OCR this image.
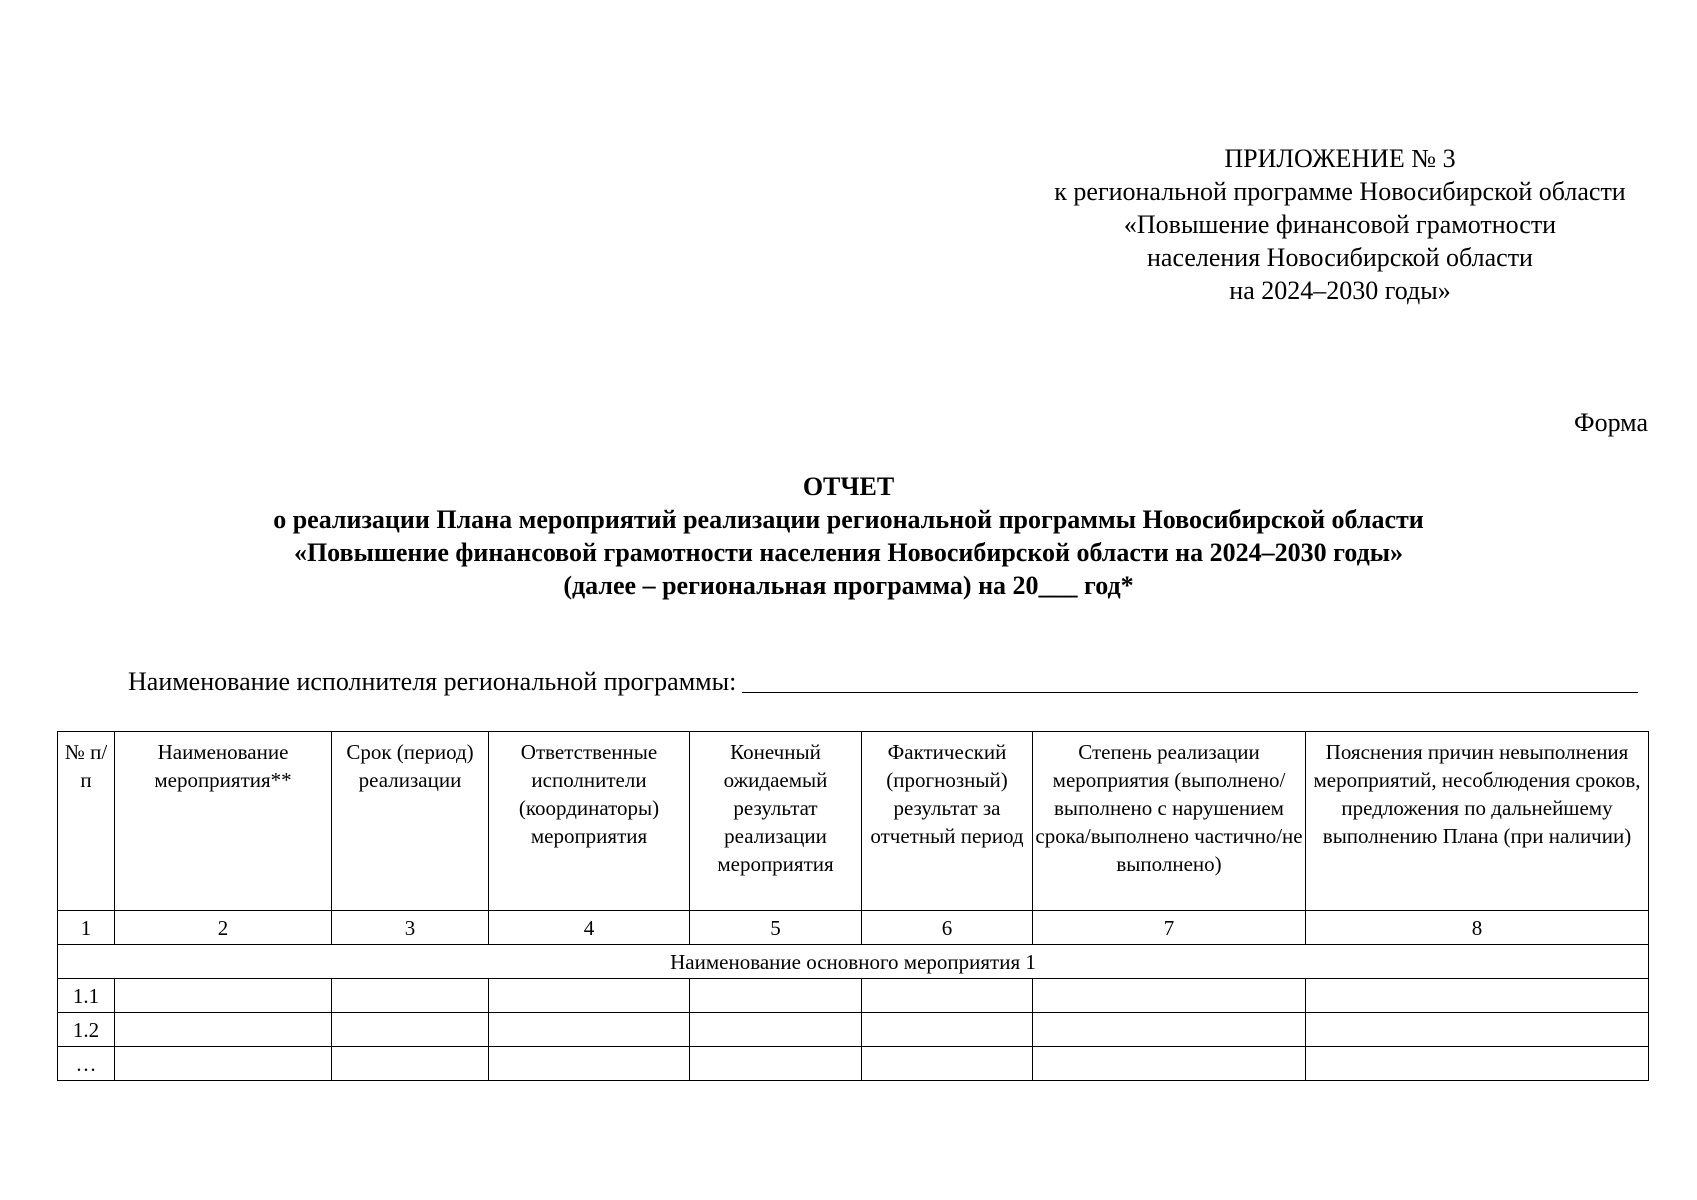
ПРИЛОЖЕНИЕ № 3
к региональной программе Новосибирской области
«Повышение финансовой грамотности
населения Новосибирской области
на 2024–2030 годы»
Форма
ОТЧЕТ
о реализации Плана мероприятий реализации региональной программы Новосибирской области
«Повышение финансовой грамотности населения Новосибирской области на 2024–2030 годы»
(далее – региональная программа) на 20___ год*
Наименование исполнителя региональной программы:
№ п/п	Наименование мероприятия**	Срок (период) реализации	Ответственные исполнители (координаторы) мероприятия	Конечный ожидаемый результат реализации мероприятия	Фактический (прогнозный) результат за отчетный период	Степень реализации мероприятия (выполнено/выполнено с нарушением срока/выполнено частично/не выполнено)	Пояснения причин невыполнения мероприятий, несоблюдения сроков, предложения по дальнейшему выполнению Плана (при наличии)
1	2	3	4	5	6	7	8
Наименование основного мероприятия 1							
1.1							
1.2							
…							
